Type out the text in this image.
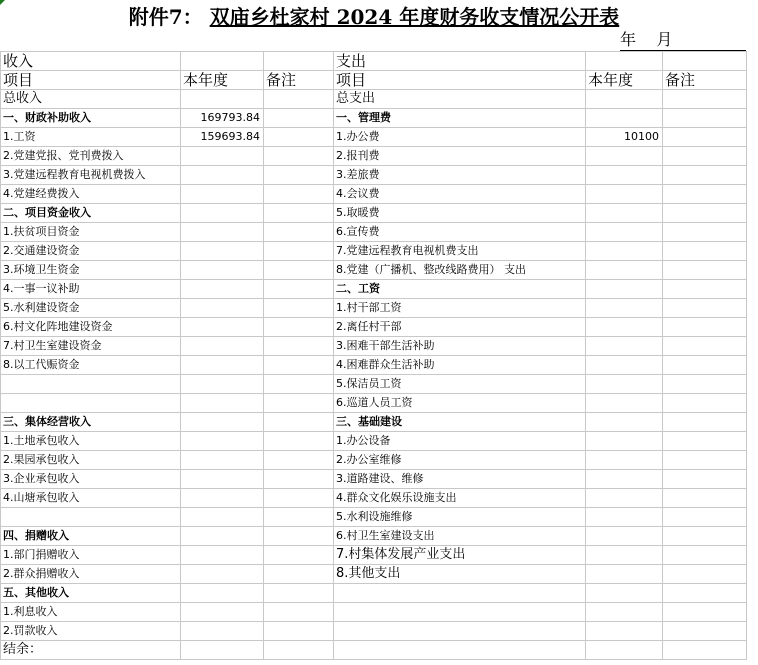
附件7： 双庙乡杜家村 2024 年度财务收支情况公开表
年    月
收入			支出		
项目	本年度	备注	项目	本年度	备注
总收入			总支出		
一、财政补助收入	169793.84		一、管理费		
1.工资	159693.84		1.办公费	10100	
2.党建党报、党刊费拨入			2.报刊费		
3.党建远程教育电视机费拨入			3.差旅费		
4.党建经费拨入			4.会议费		
二、项目资金收入			5.取暖费		
1.扶贫项目资金			6.宣传费		
2.交通建设资金			7.党建远程教育电视机费支出		
3.环境卫生资金			8.党建（广播机、整改线路费用） 支出		
4.一事一议补助			二、工资		
5.水利建设资金			1.村干部工资		
6.村文化阵地建设资金			2.离任村干部		
7.村卫生室建设资金			3.困难干部生活补助		
8.以工代赈资金			4.困难群众生活补助		
			5.保洁员工资		
			6.巡道人员工资		
三、集体经营收入			三、基础建设		
1.土地承包收入			1.办公设备		
2.果园承包收入			2.办公室维修		
3.企业承包收入			3.道路建设、维修		
4.山塘承包收入			4.群众文化娱乐设施支出		
			5.水利设施维修		
四、捐赠收入			6.村卫生室建设支出		
1.部门捐赠收入			7.村集体发展产业支出		
2.群众捐赠收入			8.其他支出		
五、其他收入					
1.利息收入					
2.罚款收入					
结余：					
